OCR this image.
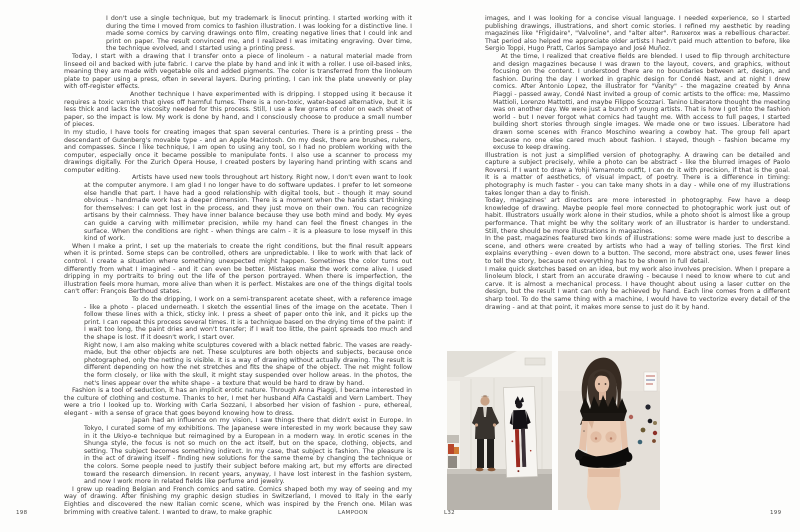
I don't use a single technique, but my trademark is linocut printing. I started working with it during the time I moved from comics to fashion illustration. I was looking for a distinctive line. I made some comics by carving drawings onto film, creating negative lines that I could ink and print on paper. The result convinced me, and I realized I was imitating engraving. Over time, the technique evolved, and I started using a printing press.

Today, I start with a drawing that I transfer onto a piece of linoleum - a natural material made from linseed oil and backed with jute fabric. I carve the plate by hand and ink it with a roller. I use oil-based inks, meaning they are made with vegetable oils and added pigments. The color is transferred from the linoleum plate to paper using a press, often in several layers. During printing, I can ink the plate unevenly or play with off-register effects.

Another technique I have experimented with is dripping. I stopped using it because it requires a toxic varnish that gives off harmful fumes. There is a non-toxic, water-based alternative, but it is less thick and lacks the viscosity needed for this process. Still, I use a few grams of color on each sheet of paper, so the impact is low. My work is done by hand, and I consciously choose to produce a small number of pieces.

In my studio, I have tools for creating images that span several centuries. There is a printing press - the descendant of Gutenberg's movable type - and an Apple Macintosh. On my desk, there are brushes, rulers, and compasses. Since I like technique, I am open to using any tool, so I had no problem working with the computer, especially once it became possible to manipulate fonts. I also use a scanner to process my drawings digitally. For the Zurich Opera House, I created posters by layering hand printing with scans and computer editing.

Artists have used new tools throughout art history. Right now, I don't even want to look at the computer anymore. I am glad I no longer have to do software updates. I prefer to let someone else handle that part. I have had a good relationship with digital tools, but - though it may sound obvious - handmade work has a deeper dimension. There is a moment when the hands start thinking for themselves: I can get lost in the process, and they just move on their own. You can recognize artisans by their calmness. They have inner balance because they use both mind and body. My eyes can guide a carving with millimeter precision, while my hand can feel the finest changes in the surface. When the conditions are right - when things are calm - it is a pleasure to lose myself in this kind of work.

When I make a print, I set up the materials to create the right conditions, but the final result appears when it is printed. Some steps can be controlled, others are unpredictable. I like to work with that lack of control. I create a situation where something unexpected might happen. Sometimes the color turns out differently from what I imagined - and it can even be better. Mistakes make the work come alive. I used dripping in my portraits to bring out the life of the person portrayed. When there is imperfection, the illustration feels more human, more alive than when it is perfect. Mistakes are one of the things digital tools can't offer: François Berthoud states.

To do the dripping, I work on a semi-transparent acetate sheet, with a reference image - like a photo - placed underneath. I sketch the essential lines of the image on the acetate. Then I follow these lines with a thick, sticky ink. I press a sheet of paper onto the ink, and it picks up the print. I can repeat this process several times. It is a technique based on the drying time of the paint: if I wait too long, the paint dries and won't transfer; if I wait too little, the paint spreads too much and the shape is lost. If it doesn't work, I start over.

Right now, I am also making white sculptures covered with a black netted fabric. The vases are ready-made, but the other objects are net. These sculptures are both objects and subjects, because once photographed, only the netting is visible. It is a way of drawing without actually drawing. The result is different depending on how the net stretches and fits the shape of the object. The net might follow the form closely, or like with the skull, it might stay suspended over hollow areas. In the photos, the net's lines appear over the white shape - a texture that would be hard to draw by hand.

Fashion is a tool of seduction, it has an implicit erotic nature. Through Anna Piaggi, I became interested in the culture of clothing and costume. Thanks to her, I met her husband Alfa Castaldi and Vern Lambert. They were a trio I looked up to. Working with Carla Sozzani, I absorbed her vision of fashion - pure, ethereal, elegant - with a sense of grace that goes beyond knowing how to dress.

Japan had an influence on my vision, I saw things there that didn't exist in Europe. In Tokyo, I curated some of my exhibitions. The Japanese were interested in my work because they saw in it the Ukiyo-e technique but reimagined by a European in a modern way. In erotic scenes in the Shunga style, the focus is not so much on the act itself, but on the space, clothing, objects, and setting. The subject becomes something indirect. In my case, that subject is fashion. The pleasure is in the act of drawing itself - finding new solutions for the same theme by changing the technique or the colors. Some people need to justify their subject before making art, but my efforts are directed toward the research dimension. In recent years, anyway, I have lost interest in the fashion system, and now I work more in related fields like perfume and jewelry.

I grew up reading Belgian and French comics and satire. Comics shaped both my way of seeing and my way of drawing. After finishing my graphic design studies in Switzerland, I moved to Italy in the early Eighties and discovered the new Italian comic scene, which was inspired by the French one. Milan was brimming with creative talent. I wanted to draw, to make graphic

images, and I was looking for a concise visual language. I needed experience, so I started publishing drawings, illustrations, and short comic stories. I refined my aesthetic by reading magazines like "Frigidaire", "Valvoline", and "alter alter". Ranxerox was a rebellious character. That period also helped me appreciate older artists I hadn't paid much attention to before, like Sergio Toppi, Hugo Pratt, Carlos Sampayo and José Muñoz.

At the time, I realized that creative fields are blended. I used to flip through architecture and design magazines because I was drawn to the layout, covers, and graphics, without focusing on the content. I understood there are no boundaries between art, design, and fashion. During the day I worked in graphic design for Condé Nast, and at night I drew comics. After Antonio Lopez, the illustrator for "Vanity" - the magazine created by Anna Piaggi - passed away, Condé Nast invited a group of comic artists to the office: me, Massimo Mattioli, Lorenzo Mattotti, and maybe Filippo Scozzari. Tanino Liberatore thought the meeting was on another day. We were just a bunch of young artists. That is how I got into the fashion world - but I never forgot what comics had taught me. With access to full pages, I started building short stories through single images. We made one or two issues. Liberatore had drawn some scenes with Franco Moschino wearing a cowboy hat. The group fell apart because no one else cared much about fashion. I stayed, though - fashion became my excuse to keep drawing.

Illustration is not just a simplified version of photography. A drawing can be detailed and capture a subject precisely, while a photo can be abstract - like the blurred images of Paolo Roversi. If I want to draw a Yohji Yamamoto outfit, I can do it with precision, if that is the goal. It is a matter of aesthetics, of visual impact, of poetry. There is a difference in timing: photography is much faster - you can take many shots in a day - while one of my illustrations takes longer than a day to finish.

Today, magazines' art directors are more interested in photography. Few have a deep knowledge of drawing. Maybe people feel more connected to photographic work just out of habit. Illustrators usually work alone in their studios, while a photo shoot is almost like a group performance. That might be why the solitary work of an illustrator is harder to understand. Still, there should be more illustrations in magazines.

In the past, magazines featured two kinds of illustrations: some were made just to describe a scene, and others were created by artists who had a way of telling stories. The first kind explains everything - even down to a button. The second, more abstract one, uses fewer lines to tell the story, because not everything has to be shown in full detail.

I make quick sketches based on an idea, but my work also involves precision. When I prepare a linoleum block, I start from an accurate drawing - because I need to know where to cut and carve. It is almost a mechanical process. I have thought about using a laser cutter on the design, but the result I want can only be achieved by hand. Each line comes from a different sharp tool. To do the same thing with a machine, I would have to vectorize every detail of the drawing - and at that point, it makes more sense to just do it by hand.

198	LAMPOON	L32	199
